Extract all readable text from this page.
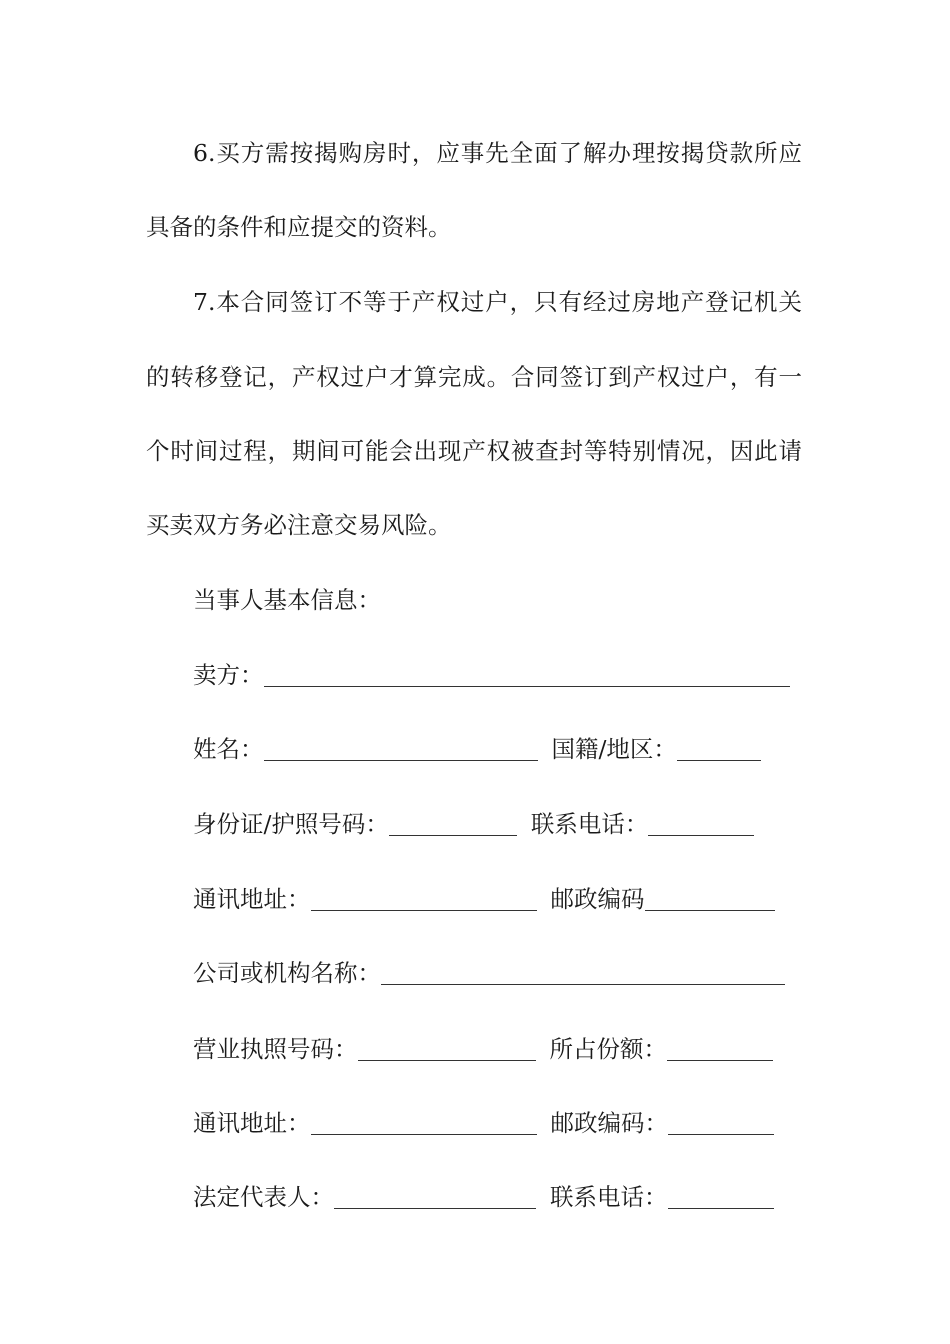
6.买方需按揭购房时，应事先全面了解办理按揭贷款所应

具备的条件和应提交的资料。

7.本合同签订不等于产权过户，只有经过房地产登记机关

的转移登记，产权过户才算完成。合同签订到产权过户，有一

个时间过程，期间可能会出现产权被查封等特别情况，因此请

买卖双方务必注意交易风险。

当事人基本信息：

卖方：
姓名：	国籍/地区：
身份证/护照号码：	联系电话：
通讯地址：	邮政编码
公司或机构名称：
营业执照号码：	所占份额：
通讯地址：	邮政编码：
法定代表人：	联系电话：
